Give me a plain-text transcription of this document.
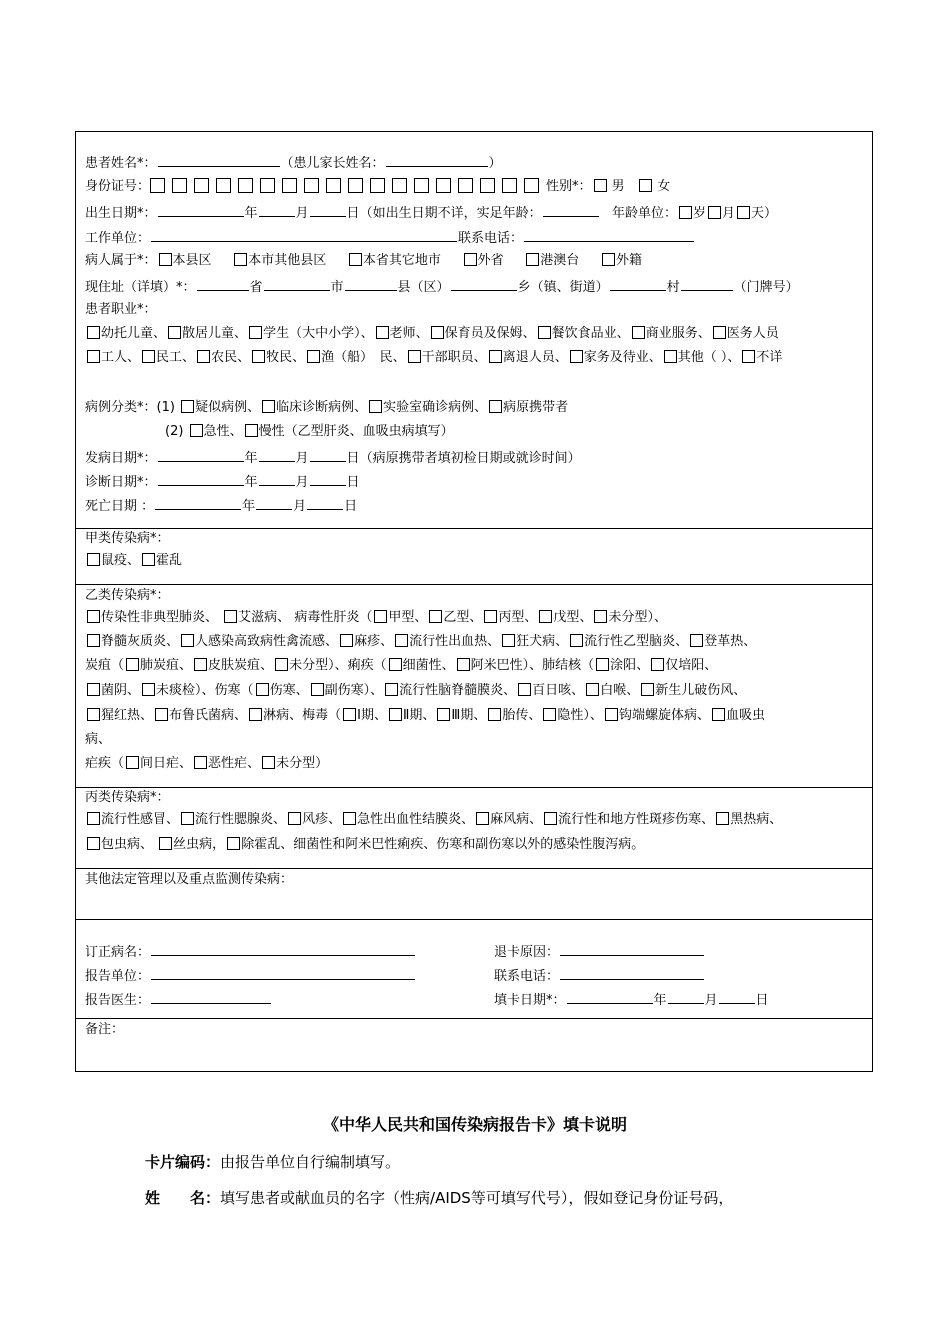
患者姓名*：	（患儿家长姓名：	）
身份证号：	性别*： 男	女
出生日期*：	年	月	日（如出生日期不详，实足年龄：	年龄单位： 岁 月 天）
工作单位：	联系电话：
病人属于*： 本县区	本市其他县区	本省其它地市	外省	港澳台	外籍
现住址（详填）*：	省	市	县（区）	乡（镇、街道）	村	（门牌号）
患者职业*：
幼托儿童、 散居儿童、 学生（大中小学）、 老师、 保育员及保姆、 餐饮食品业、 商业服务、 医务人员
工人、 民工、 农民、 牧民、 渔（船）　民、 干部职员、 离退人员、 家务及待业、 其他（ ）、 不详
病例分类*：(1) 疑似病例、 临床诊断病例、 实验室确诊病例、 病原携带者
(2) 急性、 慢性（乙型肝炎、血吸虫病填写）
发病日期*：	年	月	日（病原携带者填初检日期或就诊时间）
诊断日期*：	年	月	日
死亡日期 ：	年	月	日
甲类传染病*：
鼠疫、 霍乱
乙类传染病*：
传染性非典型肺炎、 艾滋病、 病毒性肝炎（ 甲型、 乙型、 丙型、 戊型、 未分型）、
脊髓灰质炎、 人感染高致病性禽流感、 麻疹、 流行性出血热、 狂犬病、 流行性乙型脑炎、 登革热、
炭疽（ 肺炭疽、 皮肤炭疽、 未分型）、痢疾（ 细菌性、 阿米巴性）、肺结核（ 涂阳、 仅培阳、
菌阴、 未痰检）、伤寒（ 伤寒、 副伤寒）、 流行性脑脊髓膜炎、 百日咳、 白喉、 新生儿破伤风、
猩红热、 布鲁氏菌病、 淋病、梅毒（ Ⅰ期、 Ⅱ期、 Ⅲ期、 胎传、 隐性）、 钩端螺旋体病、 血吸虫
病、
疟疾（ 间日疟、 恶性疟、 未分型）
丙类传染病*：
流行性感冒、 流行性腮腺炎、 风疹、 急性出血性结膜炎、 麻风病、 流行性和地方性斑疹伤寒、 黑热病、
包虫病、 丝虫病， 除霍乱、细菌性和阿米巴性痢疾、伤寒和副伤寒以外的感染性腹泻病。
其他法定管理以及重点监测传染病：
订正病名：	退卡原因：
报告单位：	联系电话：
报告医生：	填卡日期*：	年	月	日
备注：
《中华人民共和国传染病报告卡》填卡说明
卡片编码：由报告单位自行编制填写。
姓　　名：填写患者或献血员的名字（性病/AIDS等可填写代号），假如登记身份证号码，
